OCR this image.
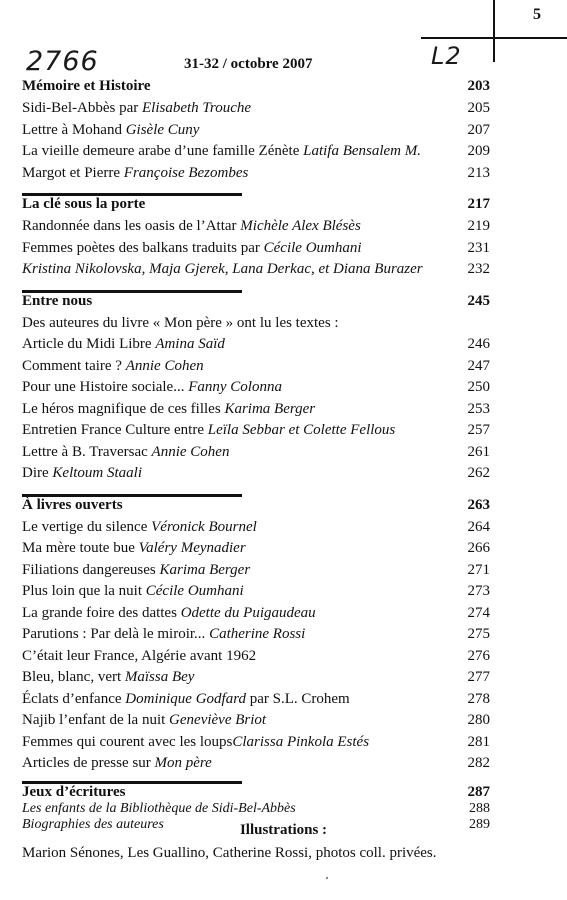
5
2766	L2
31-32 / octobre 2007
Mémoire et Histoire	203
Sidi-Bel-Abbès par Elisabeth Trouche	205
Lettre à Mohand Gisèle Cuny	207
La vieille demeure arabe d’une famille Zénète Latifa Bensalem M.	209
Margot et Pierre Françoise Bezombes	213
La clé sous la porte	217
Randonnée dans les oasis de l’Attar Michèle Alex Blésès	219
Femmes poètes des balkans traduits par Cécile Oumhani	231
Kristina Nikolovska, Maja Gjerek, Lana Derkac, et Diana Burazer	232
Entre nous	245
Des auteures du livre « Mon père » ont lu les textes :
Article du Midi Libre Amina Saïd	246
Comment taire ? Annie Cohen	247
Pour une Histoire sociale... Fanny Colonna	250
Le héros magnifique de ces filles Karima Berger	253
Entretien France Culture entre Leïla Sebbar et Colette Fellous	257
Lettre à B. Traversac Annie Cohen	261
Dire Keltoum Staali	262
À livres ouverts	263
Le vertige du silence Véronick Bournel	264
Ma mère toute bue Valéry Meynadier	266
Filiations dangereuses Karima Berger	271
Plus loin que la nuit Cécile Oumhani	273
La grande foire des dattes Odette du Puigaudeau	274
Parutions : Par delà le miroir... Catherine Rossi	275
C’était leur France, Algérie avant 1962	276
Bleu, blanc, vert Maïssa Bey	277
Éclats d’enfance Dominique Godfard par S.L. Crohem	278
Najib l’enfant de la nuit Geneviève Briot	280
Femmes qui courent avec les loupsClarissa Pinkola Estés	281
Articles de presse sur Mon père	282
Jeux d’écritures	287
Les enfants de la Bibliothèque de Sidi-Bel-Abbès	288
Biographies des auteures	289
Illustrations :
Marion Sénones, Les Guallino, Catherine Rossi, photos coll. privées.
